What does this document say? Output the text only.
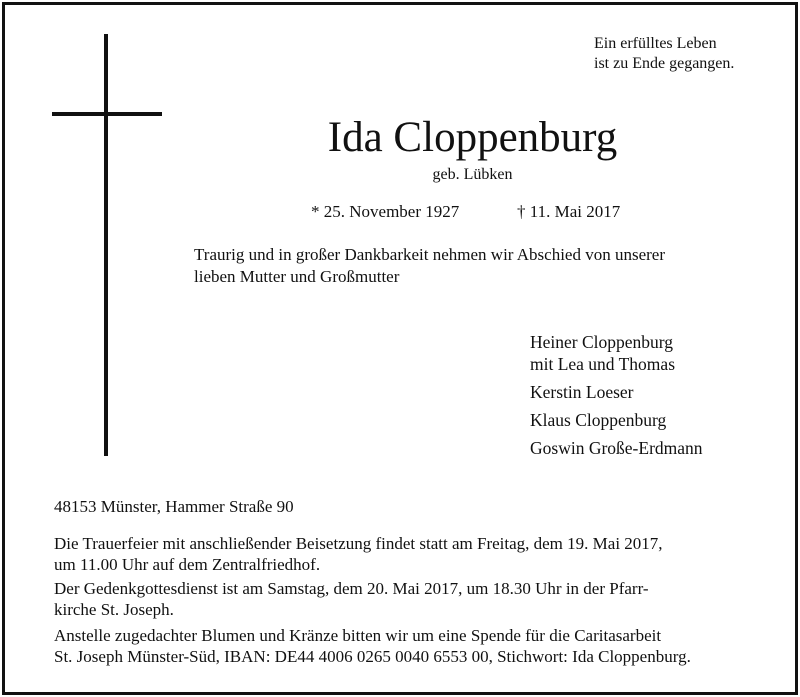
Ein erfülltes Leben
ist zu Ende gegangen.
Ida Cloppenburg
geb. Lübken
* 25. November 1927	† 11. Mai 2017
Traurig und in großer Dankbarkeit nehmen wir Abschied von unserer
lieben Mutter und Großmutter
Heiner Cloppenburg
mit Lea und Thomas
Kerstin Loeser
Klaus Cloppenburg
Goswin Große-Erdmann
48153 Münster, Hammer Straße 90
Die Trauerfeier mit anschließender Beisetzung findet statt am Freitag, dem 19. Mai 2017,
um 11.00 Uhr auf dem Zentralfriedhof.
Der Gedenkgottesdienst ist am Samstag, dem 20. Mai 2017, um 18.30 Uhr in der Pfarr-
kirche St. Joseph.
Anstelle zugedachter Blumen und Kränze bitten wir um eine Spende für die Caritasarbeit
St. Joseph Münster-Süd, IBAN: DE44 4006 0265 0040 6553 00, Stichwort: Ida Cloppenburg.
